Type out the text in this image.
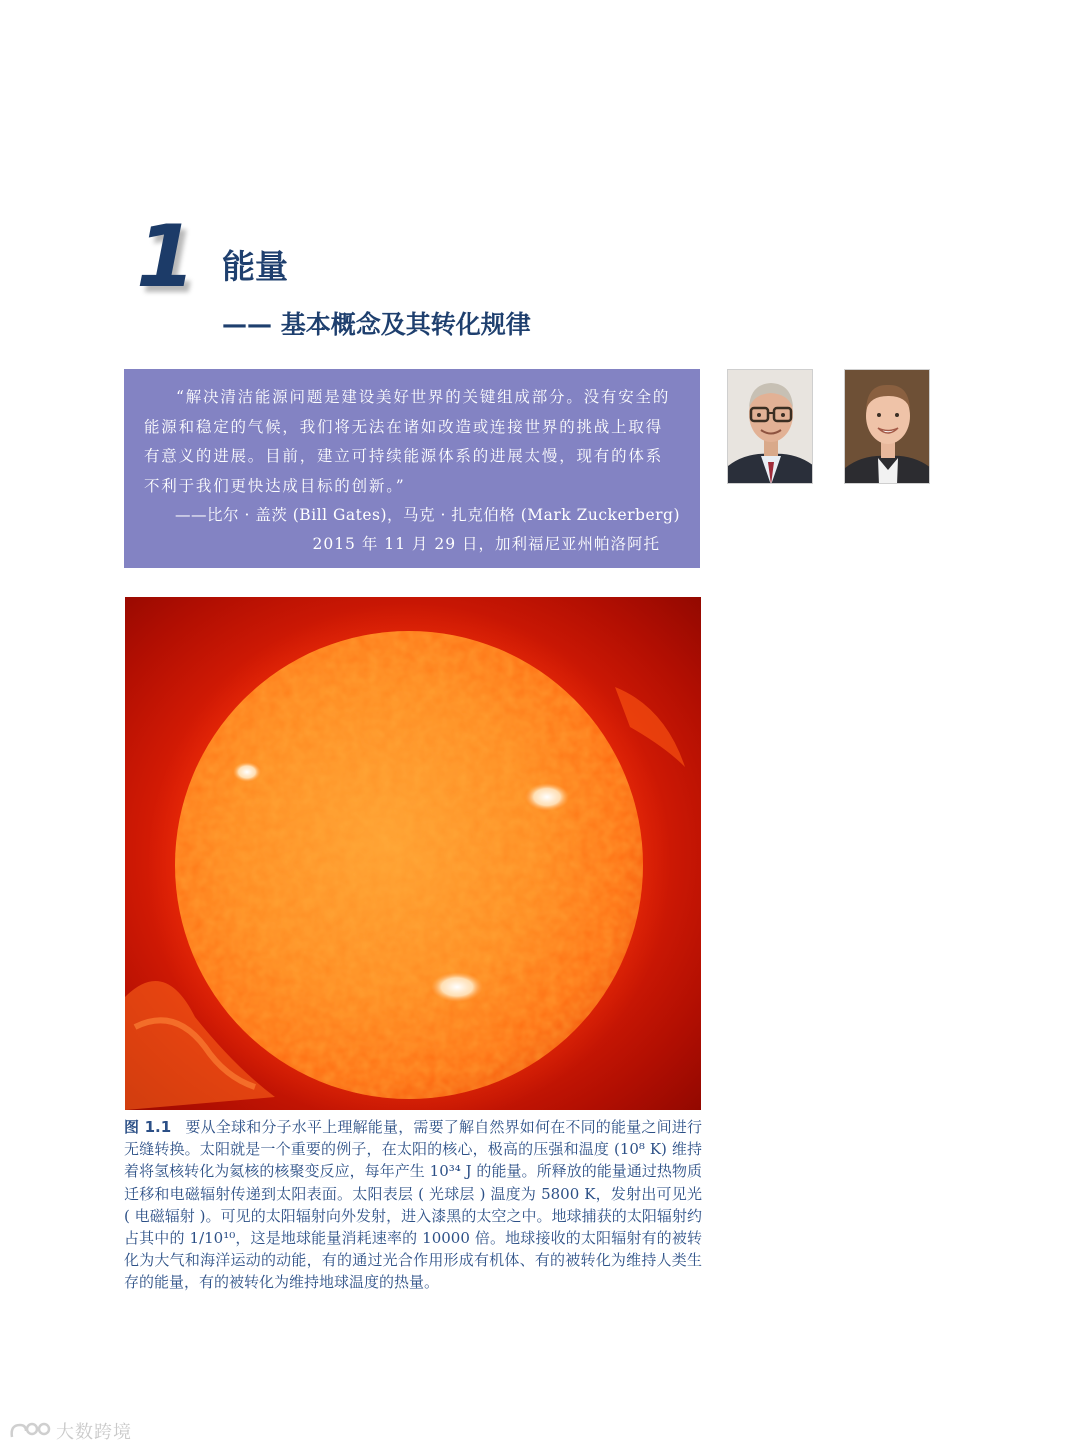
1 能量
—— 基本概念及其转化规律

“解决清洁能源问题是建设美好世界的关键组成部分。没有安全的能源和稳定的气候，我们将无法在诸如改造或连接世界的挑战上取得有意义的进展。目前，建立可持续能源体系的进展太慢，现有的体系不利于我们更快达成目标的创新。”

——比尔 · 盖茨 (Bill Gates)，马克 · 扎克伯格 (Mark Zuckerberg)

2015 年 11 月 29 日，加利福尼亚州帕洛阿托

图 1.1 要从全球和分子水平上理解能量，需要了解自然界如何在不同的能量之间进行无缝转换。太阳就是一个重要的例子，在太阳的核心，极高的压强和温度 (10⁸ K) 维持着将氢核转化为氦核的核聚变反应，每年产生 10³⁴ J 的能量。所释放的能量通过热物质迁移和电磁辐射传递到太阳表面。太阳表层 ( 光球层 ) 温度为 5800 K，发射出可见光 ( 电磁辐射 )。可见的太阳辐射向外发射，进入漆黑的太空之中。地球捕获的太阳辐射约占其中的 1/10¹⁰，这是地球能量消耗速率的 10000 倍。地球接收的太阳辐射有的被转化为大气和海洋运动的动能，有的通过光合作用形成有机体、有的被转化为维持人类生存的能量，有的被转化为维持地球温度的热量。

大数跨境
